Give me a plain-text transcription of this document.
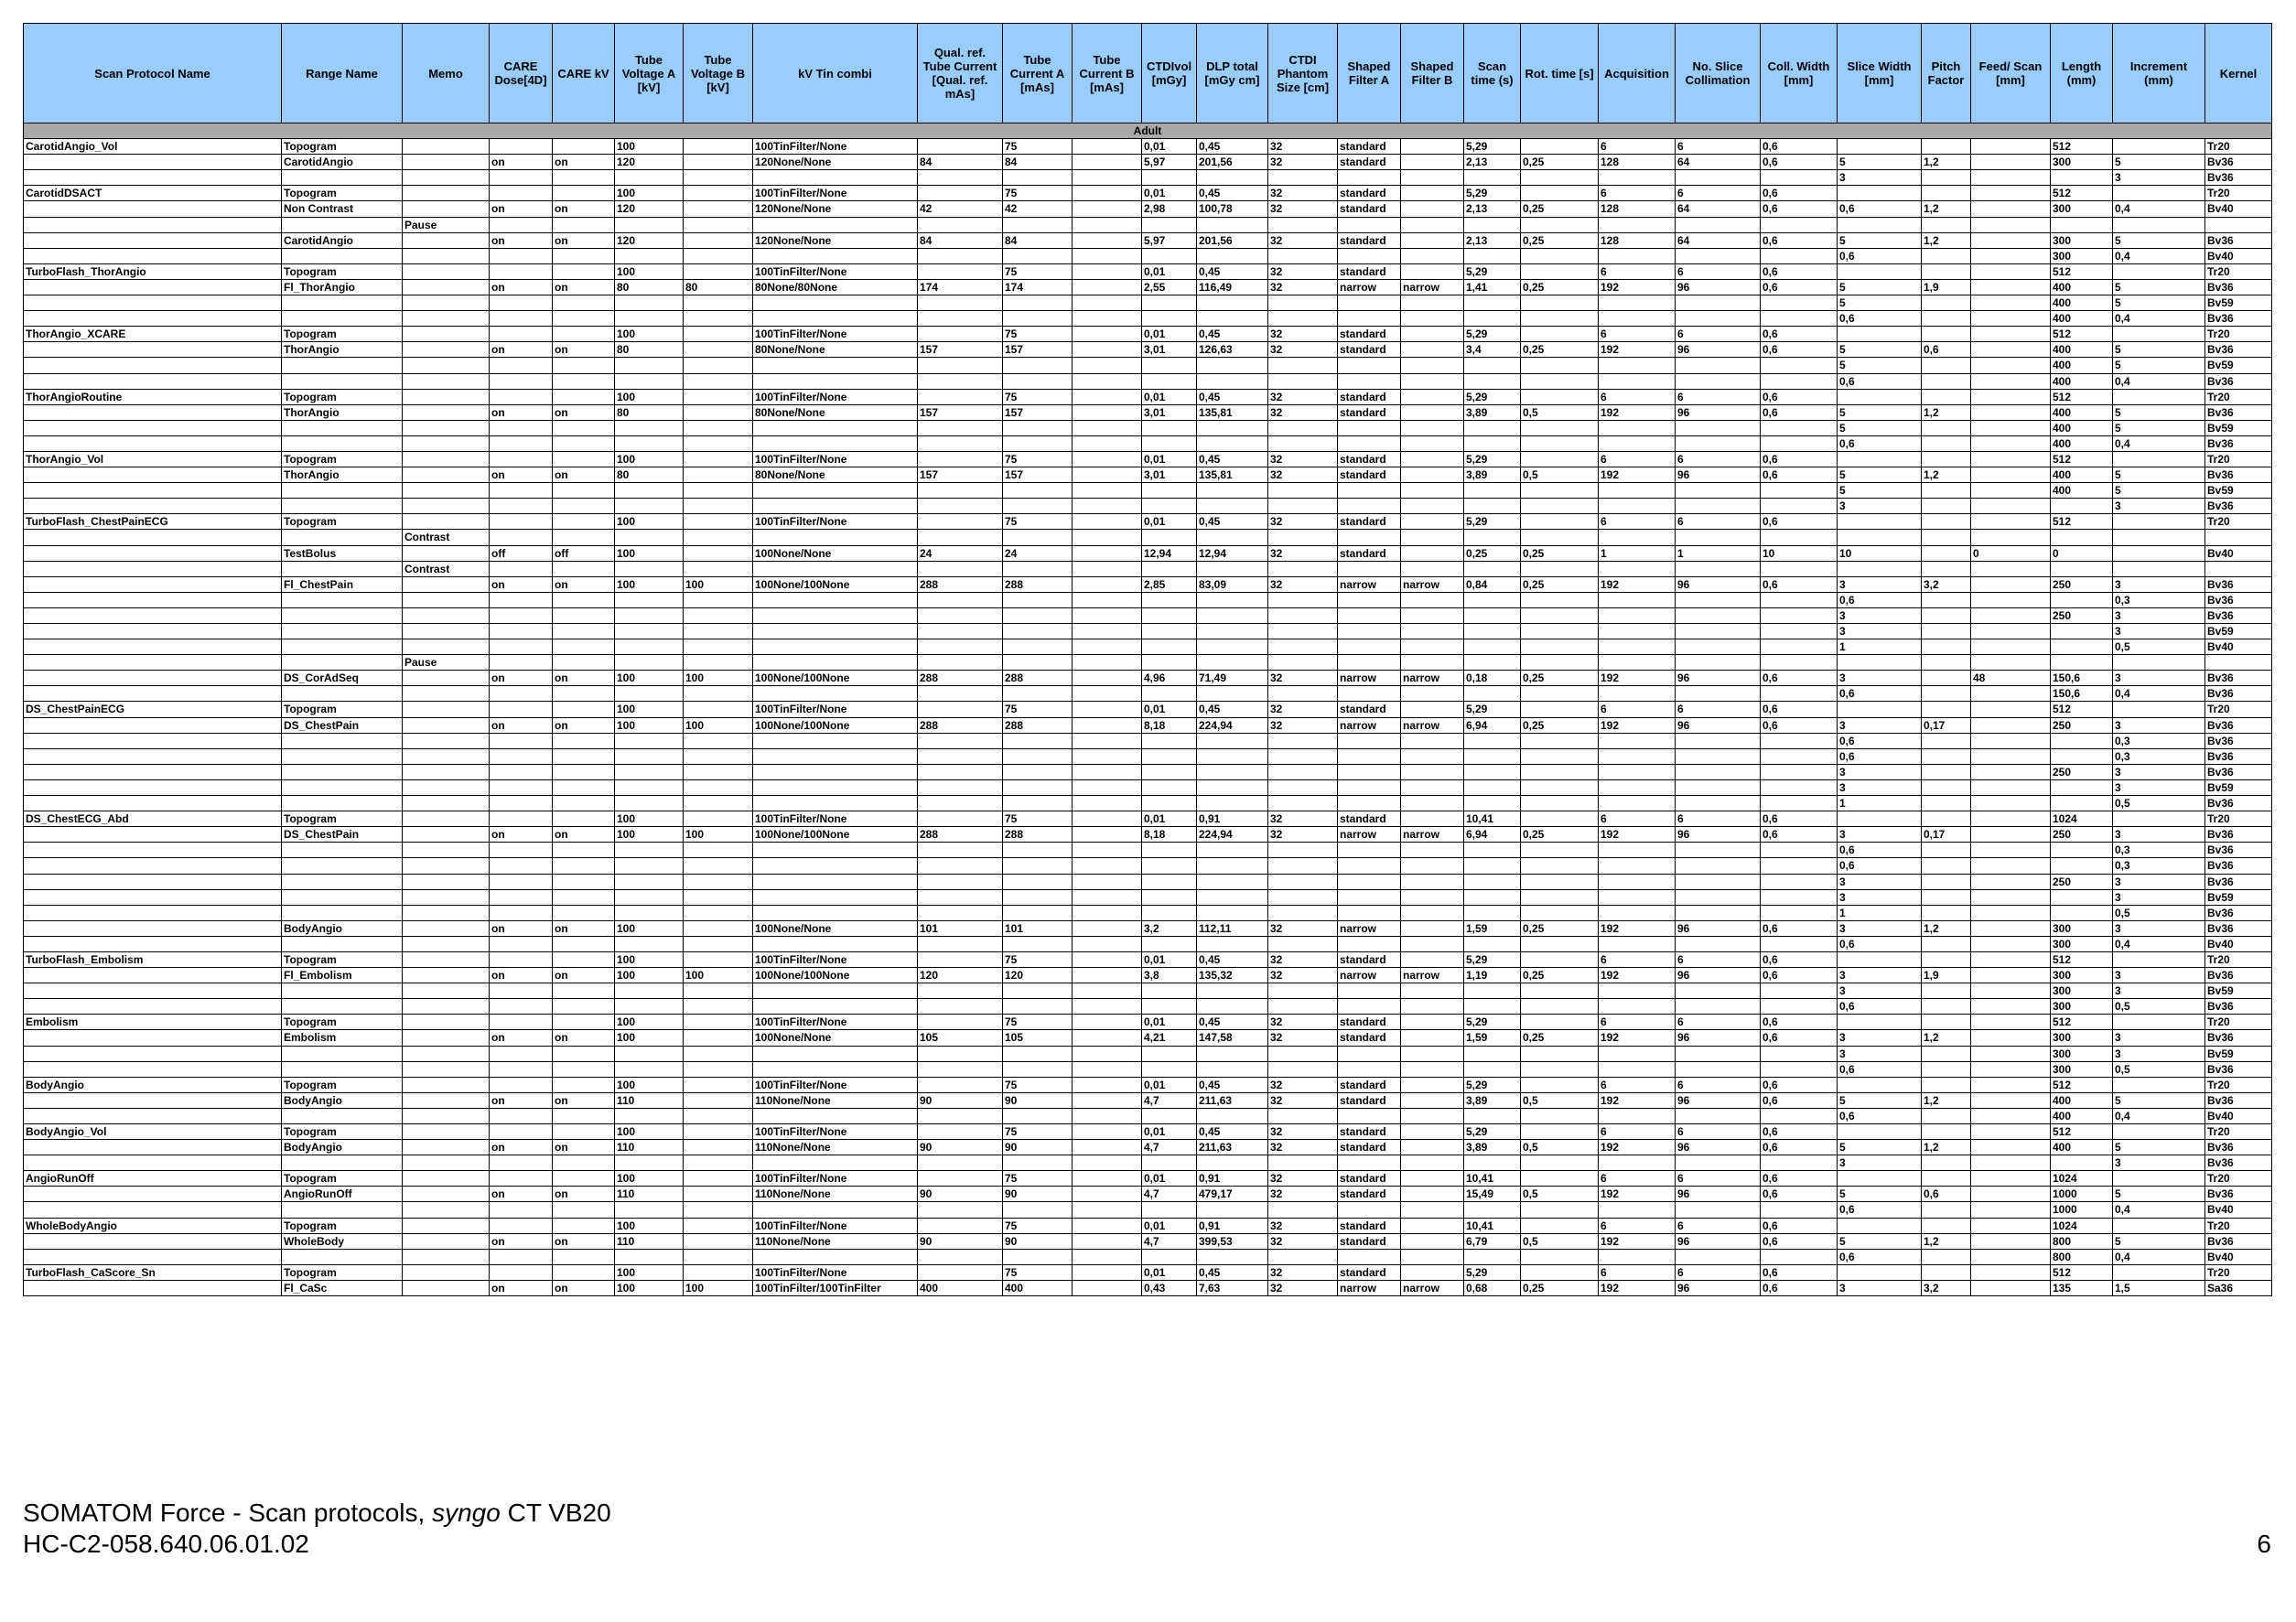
Scan Protocol Name	Range Name	Memo	CARE Dose[4D]	CARE kV	Tube Voltage A [kV]	Tube Voltage B [kV]	kV Tin combi	Qual. ref. Tube Current [Qual. ref. mAs]	Tube Current A [mAs]	Tube Current B [mAs]	CTDIvol [mGy]	DLP total [mGy cm]	CTDI Phantom Size [cm]	Shaped Filter A	Shaped Filter B	Scan time (s)	Rot. time [s]	Acquisition	No. Slice Collimation	Coll. Width [mm]	Slice Width [mm]	Pitch Factor	Feed/ Scan [mm]	Length (mm)	Increment (mm)	Kernel
Adult																										
CarotidAngio_Vol	Topogram				100		100TinFilter/None		75		0,01	0,45	32	standard		5,29		6	6	0,6				512		Tr20
	CarotidAngio		on	on	120		120None/None	84	84		5,97	201,56	32	standard		2,13	0,25	128	64	0,6	5	1,2		300	5	Bv36
																					3				3	Bv36
CarotidDSACT	Topogram				100		100TinFilter/None		75		0,01	0,45	32	standard		5,29		6	6	0,6				512		Tr20
	Non Contrast		on	on	120		120None/None	42	42		2,98	100,78	32	standard		2,13	0,25	128	64	0,6	0,6	1,2		300	0,4	Bv40
		Pause																								
	CarotidAngio		on	on	120		120None/None	84	84		5,97	201,56	32	standard		2,13	0,25	128	64	0,6	5	1,2		300	5	Bv36
																					0,6			300	0,4	Bv40
TurboFlash_ThorAngio	Topogram				100		100TinFilter/None		75		0,01	0,45	32	standard		5,29		6	6	0,6				512		Tr20
	Fl_ThorAngio		on	on	80	80	80None/80None	174	174		2,55	116,49	32	narrow	narrow	1,41	0,25	192	96	0,6	5	1,9		400	5	Bv36
																					5			400	5	Bv59
																					0,6			400	0,4	Bv36
ThorAngio_XCARE	Topogram				100		100TinFilter/None		75		0,01	0,45	32	standard		5,29		6	6	0,6				512		Tr20
	ThorAngio		on	on	80		80None/None	157	157		3,01	126,63	32	standard		3,4	0,25	192	96	0,6	5	0,6		400	5	Bv36
																					5			400	5	Bv59
																					0,6			400	0,4	Bv36
ThorAngioRoutine	Topogram				100		100TinFilter/None		75		0,01	0,45	32	standard		5,29		6	6	0,6				512		Tr20
	ThorAngio		on	on	80		80None/None	157	157		3,01	135,81	32	standard		3,89	0,5	192	96	0,6	5	1,2		400	5	Bv36
																					5			400	5	Bv59
																					0,6			400	0,4	Bv36
ThorAngio_Vol	Topogram				100		100TinFilter/None		75		0,01	0,45	32	standard		5,29		6	6	0,6				512		Tr20
	ThorAngio		on	on	80		80None/None	157	157		3,01	135,81	32	standard		3,89	0,5	192	96	0,6	5	1,2		400	5	Bv36
																					5			400	5	Bv59
																					3				3	Bv36
TurboFlash_ChestPainECG	Topogram				100		100TinFilter/None		75		0,01	0,45	32	standard		5,29		6	6	0,6				512		Tr20
		Contrast																								
	TestBolus		off	off	100		100None/None	24	24		12,94	12,94	32	standard		0,25	0,25	1	1	10	10		0	0		Bv40
		Contrast																								
	Fl_ChestPain		on	on	100	100	100None/100None	288	288		2,85	83,09	32	narrow	narrow	0,84	0,25	192	96	0,6	3	3,2		250	3	Bv36
																					0,6				0,3	Bv36
																					3			250	3	Bv36
																					3				3	Bv59
																					1				0,5	Bv40
		Pause																								
	DS_CorAdSeq		on	on	100	100	100None/100None	288	288		4,96	71,49	32	narrow	narrow	0,18	0,25	192	96	0,6	3		48	150,6	3	Bv36
																					0,6			150,6	0,4	Bv36
DS_ChestPainECG	Topogram				100		100TinFilter/None		75		0,01	0,45	32	standard		5,29		6	6	0,6				512		Tr20
	DS_ChestPain		on	on	100	100	100None/100None	288	288		8,18	224,94	32	narrow	narrow	6,94	0,25	192	96	0,6	3	0,17		250	3	Bv36
																					0,6				0,3	Bv36
																					0,6				0,3	Bv36
																					3			250	3	Bv36
																					3				3	Bv59
																					1				0,5	Bv36
DS_ChestECG_Abd	Topogram				100		100TinFilter/None		75		0,01	0,91	32	standard		10,41		6	6	0,6				1024		Tr20
	DS_ChestPain		on	on	100	100	100None/100None	288	288		8,18	224,94	32	narrow	narrow	6,94	0,25	192	96	0,6	3	0,17		250	3	Bv36
																					0,6				0,3	Bv36
																					0,6				0,3	Bv36
																					3			250	3	Bv36
																					3				3	Bv59
																					1				0,5	Bv36
	BodyAngio		on	on	100		100None/None	101	101		3,2	112,11	32	narrow		1,59	0,25	192	96	0,6	3	1,2		300	3	Bv36
																					0,6			300	0,4	Bv40
TurboFlash_Embolism	Topogram				100		100TinFilter/None		75		0,01	0,45	32	standard		5,29		6	6	0,6				512		Tr20
	Fl_Embolism		on	on	100	100	100None/100None	120	120		3,8	135,32	32	narrow	narrow	1,19	0,25	192	96	0,6	3	1,9		300	3	Bv36
																					3			300	3	Bv59
																					0,6			300	0,5	Bv36
Embolism	Topogram				100		100TinFilter/None		75		0,01	0,45	32	standard		5,29		6	6	0,6				512		Tr20
	Embolism		on	on	100		100None/None	105	105		4,21	147,58	32	standard		1,59	0,25	192	96	0,6	3	1,2		300	3	Bv36
																					3			300	3	Bv59
																					0,6			300	0,5	Bv36
BodyAngio	Topogram				100		100TinFilter/None		75		0,01	0,45	32	standard		5,29		6	6	0,6				512		Tr20
	BodyAngio		on	on	110		110None/None	90	90		4,7	211,63	32	standard		3,89	0,5	192	96	0,6	5	1,2		400	5	Bv36
																					0,6			400	0,4	Bv40
BodyAngio_Vol	Topogram				100		100TinFilter/None		75		0,01	0,45	32	standard		5,29		6	6	0,6				512		Tr20
	BodyAngio		on	on	110		110None/None	90	90		4,7	211,63	32	standard		3,89	0,5	192	96	0,6	5	1,2		400	5	Bv36
																					3				3	Bv36
AngioRunOff	Topogram				100		100TinFilter/None		75		0,01	0,91	32	standard		10,41		6	6	0,6				1024		Tr20
	AngioRunOff		on	on	110		110None/None	90	90		4,7	479,17	32	standard		15,49	0,5	192	96	0,6	5	0,6		1000	5	Bv36
																					0,6			1000	0,4	Bv40
WholeBodyAngio	Topogram				100		100TinFilter/None		75		0,01	0,91	32	standard		10,41		6	6	0,6				1024		Tr20
	WholeBody		on	on	110		110None/None	90	90		4,7	399,53	32	standard		6,79	0,5	192	96	0,6	5	1,2		800	5	Bv36
																					0,6			800	0,4	Bv40
TurboFlash_CaScore_Sn	Topogram				100		100TinFilter/None		75		0,01	0,45	32	standard		5,29		6	6	0,6				512		Tr20
	Fl_CaSc		on	on	100	100	100TinFilter/100TinFilter	400	400		0,43	7,63	32	narrow	narrow	0,68	0,25	192	96	0,6	3	3,2		135	1,5	Sa36
SOMATOM Force - Scan protocols, syngo CT VB20
HC-C2-058.640.06.01.02	6
